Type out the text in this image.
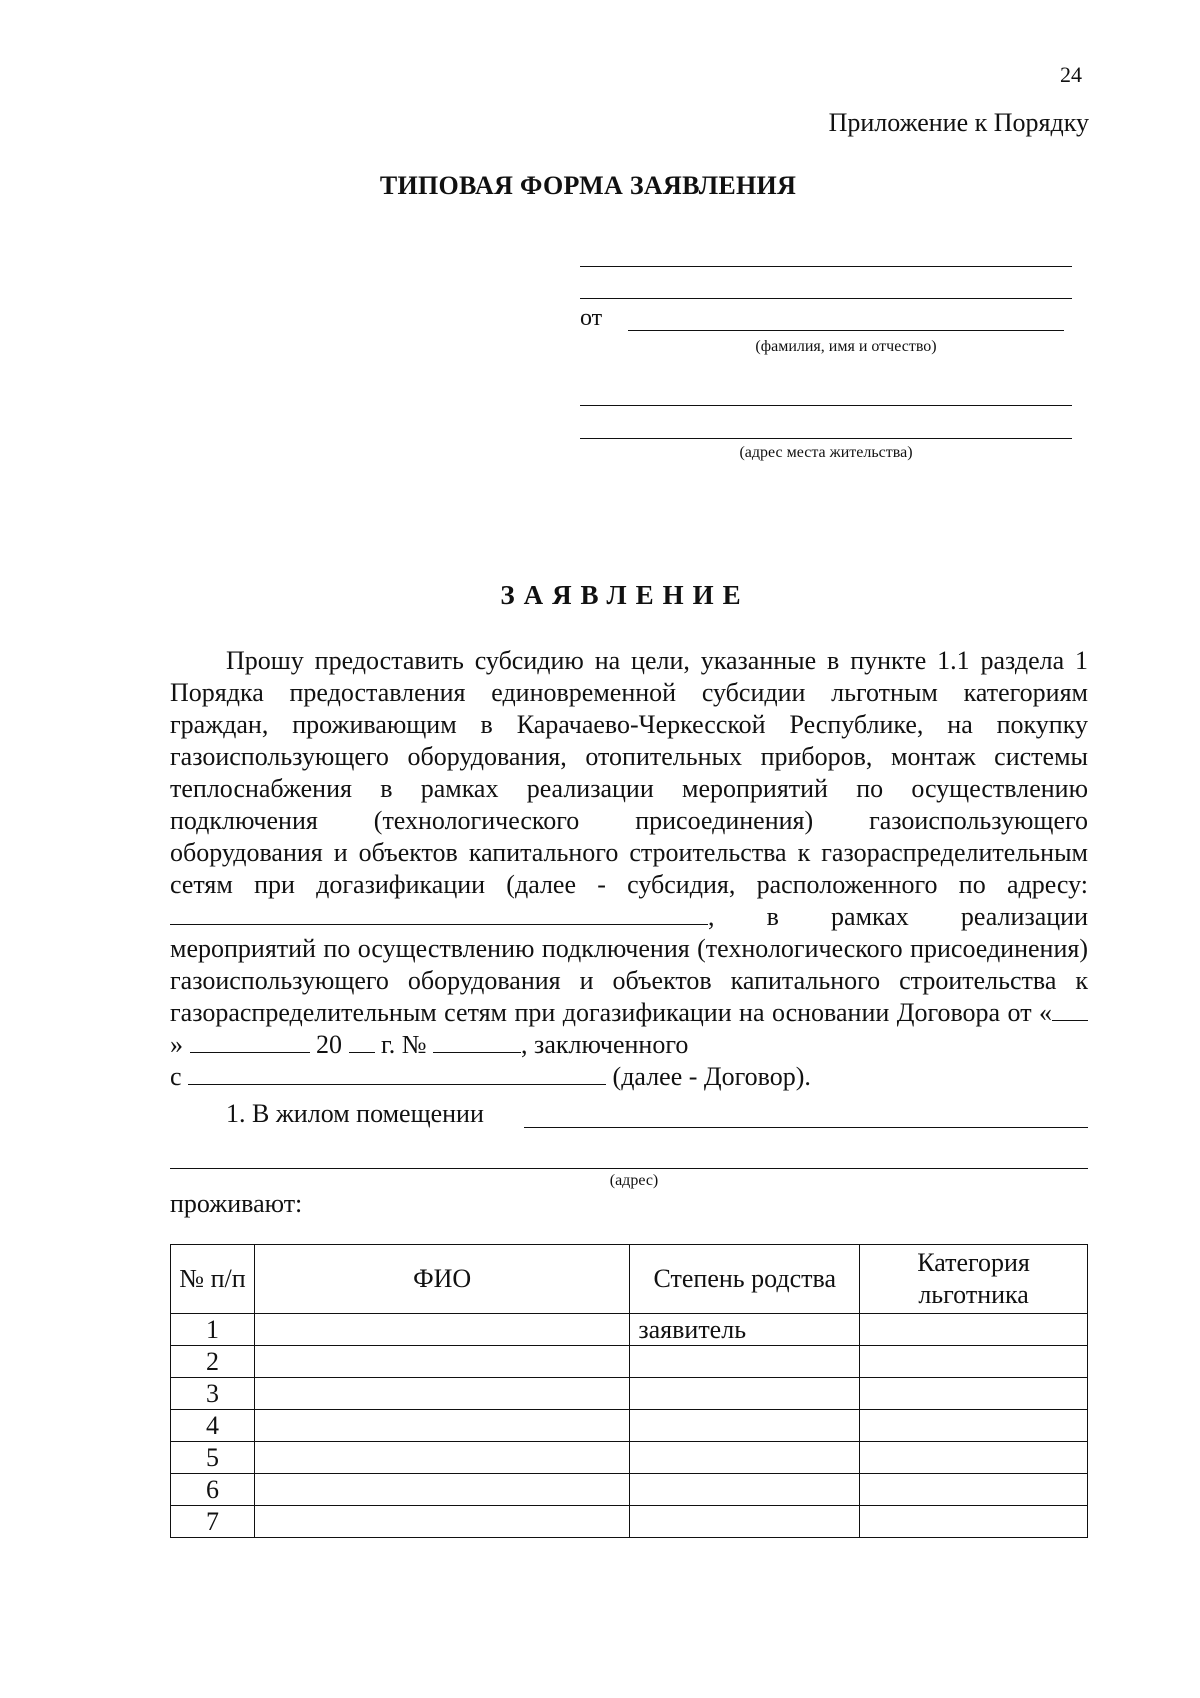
24
Приложение к Порядку
ТИПОВАЯ ФОРМА ЗАЯВЛЕНИЯ
от
(фамилия, имя и отчество)
(адрес места жительства)
ЗАЯВЛЕНИЕ

Прошу предоставить субсидию на цели, указанные в пункте 1.1 раздела 1 Порядка предоставления единовременной субсидии льготным категориям граждан, проживающим в Карачаево-Черкесской Республике, на покупку газоиспользующего оборудования, отопительных приборов, монтаж системы теплоснабжения в рамках реализации мероприятий по осуществлению подключения (технологического присоединения) газоиспользующего оборудования и объектов капитального строительства к газораспределительным сетям при догазификации (далее - субсидия, расположенного по адресу: , в рамках реализации мероприятий по осуществлению подключения (технологического присоединения) газоиспользующего оборудования и объектов капитального строительства к газораспределительным сетям при догазификации на основании Договора от «»	20 г. №	, заключенного

с	(далее - Договор).

1. В жилом помещении
(адрес)
проживают:
№ п/п	ФИО	Степень родства	Категория льготника
1		заявитель	
2			
3			
4			
5			
6			
7			
